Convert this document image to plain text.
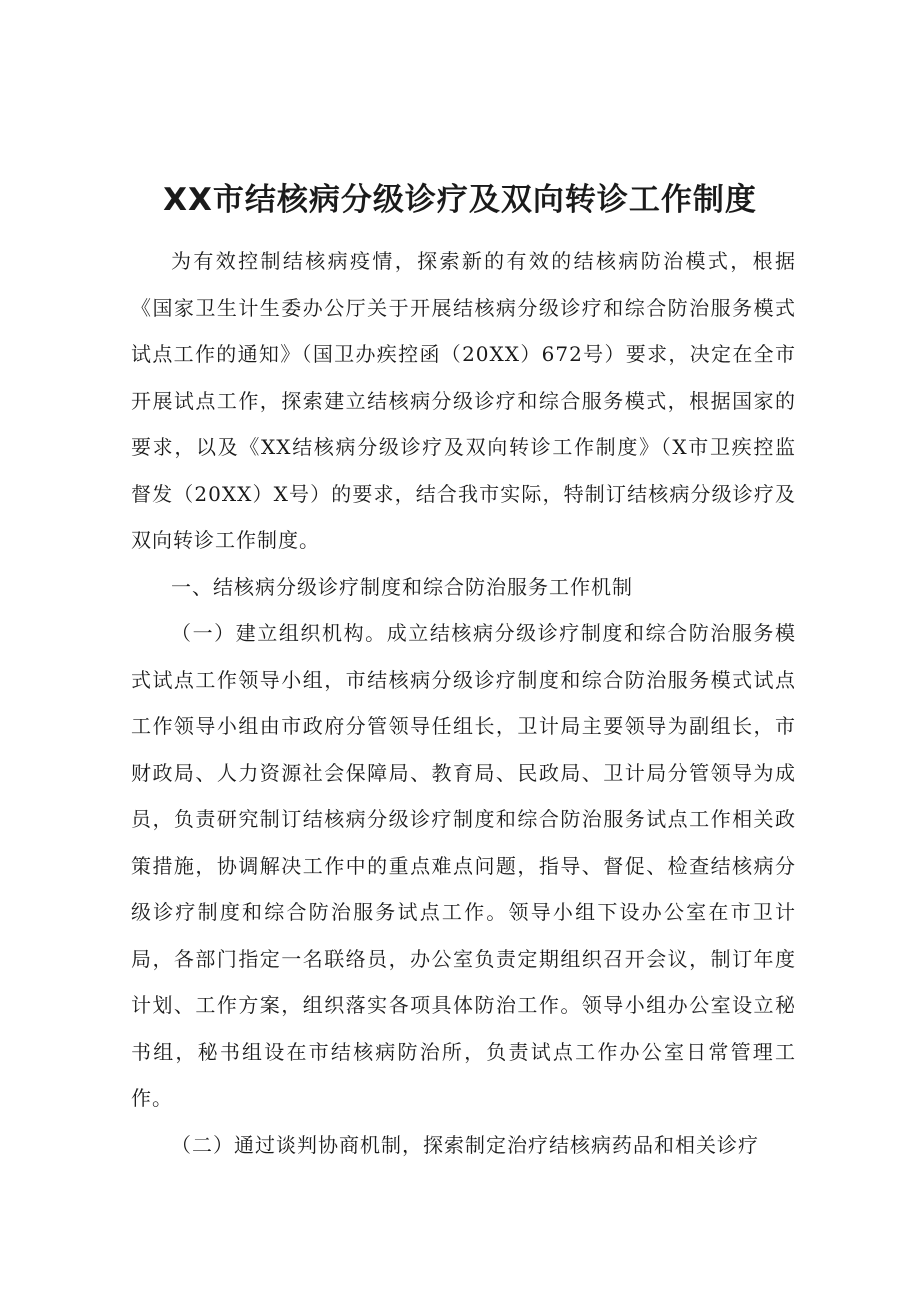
XX市结核病分级诊疗及双向转诊工作制度

为有效控制结核病疫情，探索新的有效的结核病防治模式，根据《国家卫生计生委办公厅关于开展结核病分级诊疗和综合防治服务模式试点工作的通知》（国卫办疾控函（20XX）672号）要求，决定在全市开展试点工作，探索建立结核病分级诊疗和综合服务模式，根据国家的要求，以及《XX结核病分级诊疗及双向转诊工作制度》（X市卫疾控监督发（20XX）X号）的要求，结合我市实际，特制订结核病分级诊疗及双向转诊工作制度。

一、结核病分级诊疗制度和综合防治服务工作机制

（一）建立组织机构。成立结核病分级诊疗制度和综合防治服务模式试点工作领导小组，市结核病分级诊疗制度和综合防治服务模式试点工作领导小组由市政府分管领导任组长，卫计局主要领导为副组长，市财政局、人力资源社会保障局、教育局、民政局、卫计局分管领导为成员，负责研究制订结核病分级诊疗制度和综合防治服务试点工作相关政策措施，协调解决工作中的重点难点问题，指导、督促、检查结核病分级诊疗制度和综合防治服务试点工作。领导小组下设办公室在市卫计局，各部门指定一名联络员，办公室负责定期组织召开会议，制订年度计划、工作方案，组织落实各项具体防治工作。领导小组办公室设立秘书组，秘书组设在市结核病防治所，负责试点工作办公室日常管理工作。

（二）通过谈判协商机制，探索制定治疗结核病药品和相关诊疗
